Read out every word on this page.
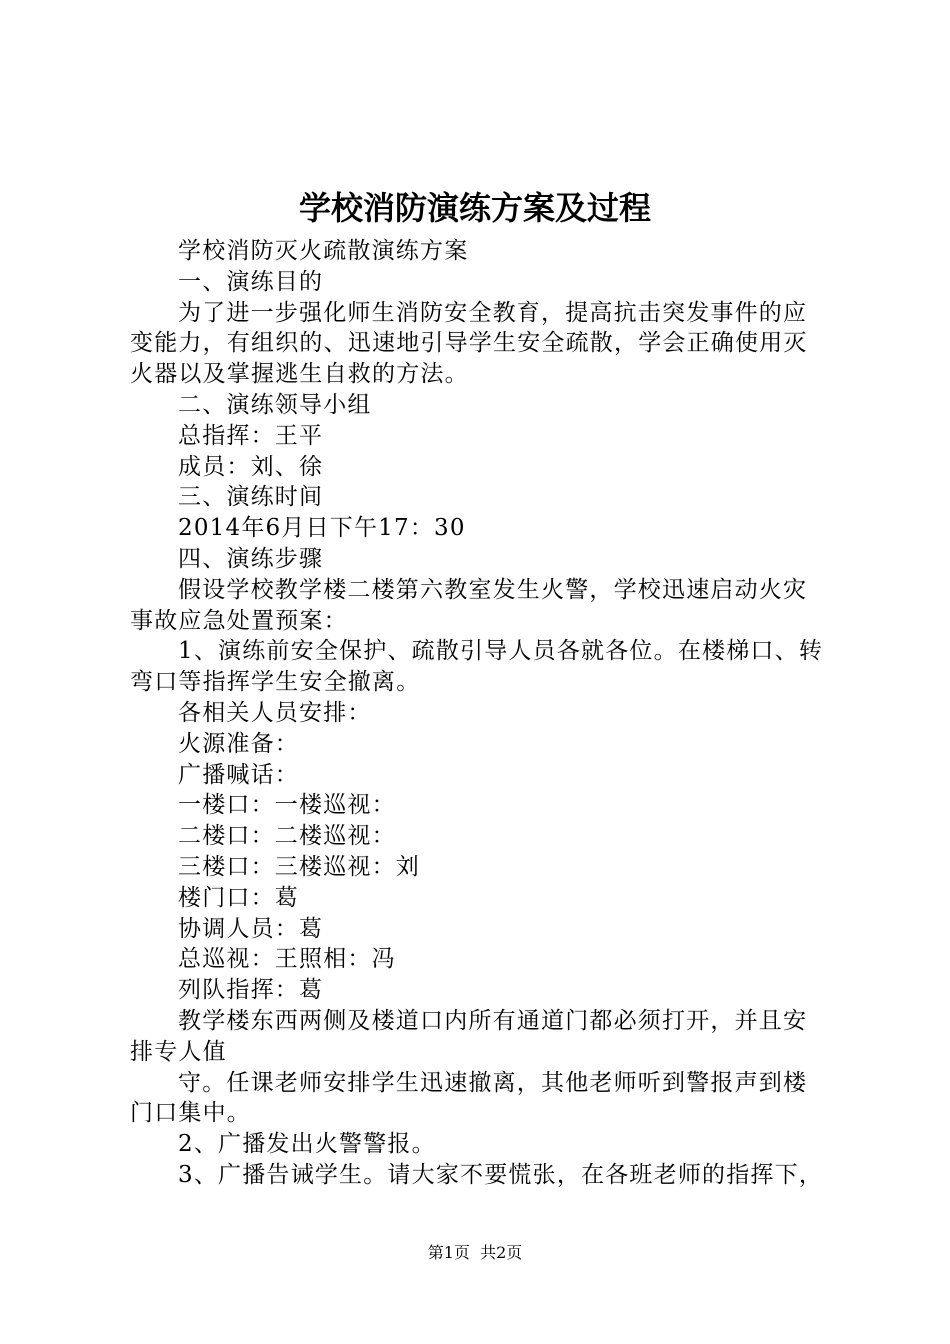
学校消防演练方案及过程

学校消防灭火疏散演练方案

一、演练目的

为了进一步强化师生消防安全教育，提高抗击突发事件的应变能力，有组织的、迅速地引导学生安全疏散，学会正确使用灭火器以及掌握逃生自救的方法。

二、演练领导小组

总指挥：王平

成员：刘、徐

三、演练时间

2014年6月日下午17：30

四、演练步骤

假设学校教学楼二楼第六教室发生火警，学校迅速启动火灾事故应急处置预案：

1、演练前安全保护、疏散引导人员各就各位。在楼梯口、转弯口等指挥学生安全撤离。

各相关人员安排：

火源准备：

广播喊话：

一楼口：一楼巡视：

二楼口：二楼巡视：

三楼口：三楼巡视：刘

楼门口：葛

协调人员：葛

总巡视：王照相：冯

列队指挥：葛

教学楼东西两侧及楼道口内所有通道门都必须打开，并且安排专人值

守。任课老师安排学生迅速撤离，其他老师听到警报声到楼门口集中。

2、广播发出火警警报。

3、广播告诫学生。请大家不要慌张，在各班老师的指挥下，

第1页  共2页
